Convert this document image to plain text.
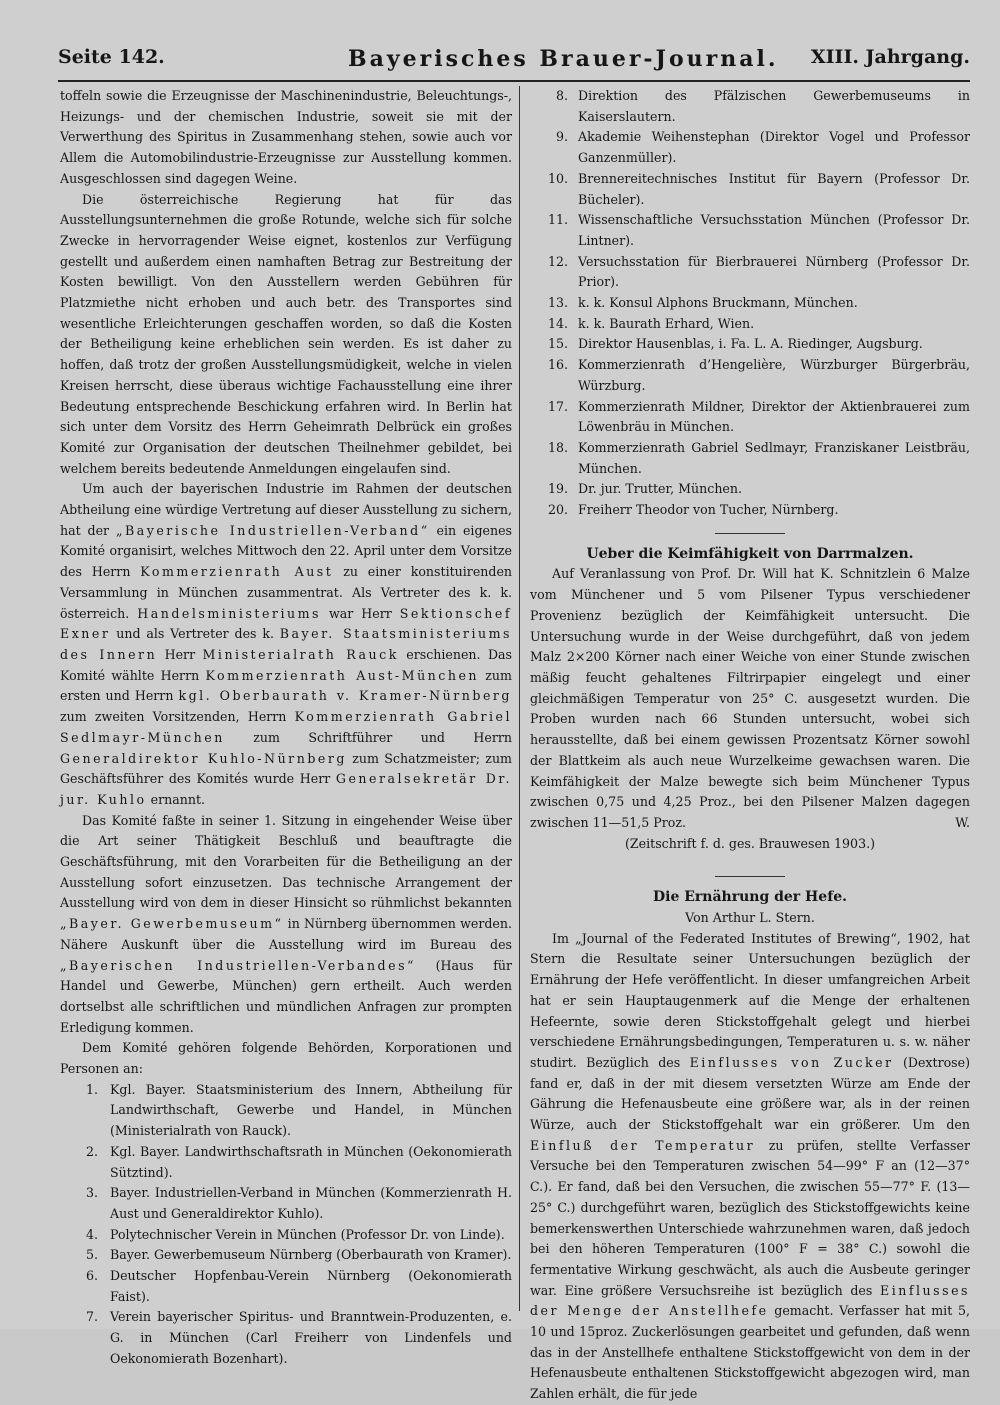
Seite 142.	Bayerisches Brauer-Journal. XIII. Jahrgang.

toffeln sowie die Erzeugnisse der Maschinenindustrie, Beleuchtungs-, Heizungs- und der chemischen Industrie, soweit sie mit der Verwerthung des Spiritus in Zusammenhang stehen, sowie auch vor Allem die Automobilindustrie-Erzeugnisse zur Ausstellung kommen. Ausgeschlossen sind dagegen Weine.

Die österreichische Regierung hat für das Ausstellungsunternehmen die große Rotunde, welche sich für solche Zwecke in hervorragender Weise eignet, kostenlos zur Verfügung gestellt und außerdem einen namhaften Betrag zur Bestreitung der Kosten bewilligt. Von den Ausstellern werden Gebühren für Platzmiethe nicht erhoben und auch betr. des Transportes sind wesentliche Erleichterungen geschaffen worden, so daß die Kosten der Betheiligung keine erheblichen sein werden. Es ist daher zu hoffen, daß trotz der großen Ausstellungsmüdigkeit, welche in vielen Kreisen herrscht, diese überaus wichtige Fachausstellung eine ihrer Bedeutung entsprechende Beschickung erfahren wird. In Berlin hat sich unter dem Vorsitz des Herrn Geheimrath Delbrück ein großes Komité zur Organisation der deutschen Theilnehmer gebildet, bei welchem bereits bedeutende Anmeldungen eingelaufen sind.

Um auch der bayerischen Industrie im Rahmen der deutschen Abtheilung eine würdige Vertretung auf dieser Ausstellung zu sichern, hat der „Bayerische Industriellen-Verband“ ein eigenes Komité organisirt, welches Mittwoch den 22. April unter dem Vorsitze des Herrn Kommerzienrath Aust zu einer konstituirenden Versammlung in München zusammentrat. Als Vertreter des k. k. österreich. Handelsministeriums war Herr Sektionschef Exner und als Vertreter des k. Bayer. Staatsministeriums des Innern Herr Ministerialrath Rauck erschienen. Das Komité wählte Herrn Kommerzienrath Aust-München zum ersten und Herrn kgl. Oberbaurath v. Kramer-Nürnberg zum zweiten Vorsitzenden, Herrn Kommerzienrath Gabriel Sedlmayr-München zum Schriftführer und Herrn Generaldirektor Kuhlo-Nürnberg zum Schatzmeister; zum Geschäftsführer des Komités wurde Herr Generalsekretär Dr. jur. Kuhlo ernannt.

Das Komité faßte in seiner 1. Sitzung in eingehender Weise über die Art seiner Thätigkeit Beschluß und beauftragte die Geschäftsführung, mit den Vorarbeiten für die Betheiligung an der Ausstellung sofort einzusetzen. Das technische Arrangement der Ausstellung wird von dem in dieser Hinsicht so rühmlichst bekannten „Bayer. Gewerbemuseum“ in Nürnberg übernommen werden. Nähere Auskunft über die Ausstellung wird im Bureau des „Bayerischen Industriellen-Verbandes“ (Haus für Handel und Gewerbe, München) gern ertheilt. Auch werden dortselbst alle schriftlichen und mündlichen Anfragen zur prompten Erledigung kommen.

Dem Komité gehören folgende Behörden, Korporationen und Personen an:

1. Kgl. Bayer. Staatsministerium des Innern, Abtheilung für Landwirthschaft, Gewerbe und Handel, in München (Ministerialrath von Rauck).
2. Kgl. Bayer. Landwirthschaftsrath in München (Oekonomierath Sütztind).
3. Bayer. Industriellen-Verband in München (Kommerzienrath H. Aust und Generaldirektor Kuhlo).
4. Polytechnischer Verein in München (Professor Dr. von Linde).
5. Bayer. Gewerbemuseum Nürnberg (Oberbaurath von Kramer).
6. Deutscher Hopfenbau-Verein Nürnberg (Oekonomierath Faist).
7. Verein bayerischer Spiritus- und Branntwein-Produzenten, e. G. in München (Carl Freiherr von Lindenfels und Oekonomierath Bozenhart).
8. Direktion des Pfälzischen Gewerbemuseums in Kaiserslautern.
9. Akademie Weihenstephan (Direktor Vogel und Professor Ganzenmüller).
10. Brennereitechnisches Institut für Bayern (Professor Dr. Bücheler).
11. Wissenschaftliche Versuchsstation München (Professor Dr. Lintner).
12. Versuchsstation für Bierbrauerei Nürnberg (Professor Dr. Prior).
13. k. k. Konsul Alphons Bruckmann, München.
14. k. k. Baurath Erhard, Wien.
15. Direktor Hausenblas, i. Fa. L. A. Riedinger, Augsburg.
16. Kommerzienrath d’Hengelière, Würzburger Bürgerbräu, Würzburg.
17. Kommerzienrath Mildner, Direktor der Aktienbrauerei zum Löwenbräu in München.
18. Kommerzienrath Gabriel Sedlmayr, Franziskaner Leistbräu, München.
19. Dr. jur. Trutter, München.
20. Freiherr Theodor von Tucher, Nürnberg.

Ueber die Keimfähigkeit von Darrmalzen.

Auf Veranlassung von Prof. Dr. Will hat K. Schnitzlein 6 Malze vom Münchener und 5 vom Pilsener Typus verschiedener Provenienz bezüglich der Keimfähigkeit untersucht. Die Untersuchung wurde in der Weise durchgeführt, daß von jedem Malz 2×200 Körner nach einer Weiche von einer Stunde zwischen mäßig feucht gehaltenes Filtrirpapier eingelegt und einer gleichmäßigen Temperatur von 25° C. ausgesetzt wurden. Die Proben wurden nach 66 Stunden untersucht, wobei sich herausstellte, daß bei einem gewissen Prozentsatz Körner sowohl der Blattkeim als auch neue Wurzelkeime gewachsen waren. Die Keimfähigkeit der Malze bewegte sich beim Münchener Typus zwischen 0,75 und 4,25 Proz., bei den Pilsener Malzen dagegen zwischen 11—51,5 Proz.	W.

(Zeitschrift f. d. ges. Brauwesen 1903.)

Die Ernährung der Hefe.

Von Arthur L. Stern.

Im „Journal of the Federated Institutes of Brewing“, 1902, hat Stern die Resultate seiner Untersuchungen bezüglich der Ernährung der Hefe veröffentlicht. In dieser umfangreichen Arbeit hat er sein Hauptaugenmerk auf die Menge der erhaltenen Hefeernte, sowie deren Stickstoffgehalt gelegt und hierbei verschiedene Ernährungsbedingungen, Temperaturen u. s. w. näher studirt. Bezüglich des Einflusses von Zucker (Dextrose) fand er, daß in der mit diesem versetzten Würze am Ende der Gährung die Hefenausbeute eine größere war, als in der reinen Würze, auch der Stickstoffgehalt war ein größerer. Um den Einfluß der Temperatur zu prüfen, stellte Verfasser Versuche bei den Temperaturen zwischen 54—99° F an (12—37° C.). Er fand, daß bei den Versuchen, die zwischen 55—77° F. (13—25° C.) durchgeführt waren, bezüglich des Stickstoffgewichts keine bemerkenswerthen Unterschiede wahrzunehmen waren, daß jedoch bei den höheren Temperaturen (100° F = 38° C.) sowohl die fermentative Wirkung geschwächt, als auch die Ausbeute geringer war. Eine größere Versuchsreihe ist bezüglich des Einflusses der Menge der Anstellhefe gemacht. Verfasser hat mit 5, 10 und 15proz. Zuckerlösungen gearbeitet und gefunden, daß wenn das in der Anstellhefe enthaltene Stickstoffgewicht von dem in der Hefenausbeute enthaltenen Stickstoffgewicht abgezogen wird, man Zahlen erhält, die für jede
